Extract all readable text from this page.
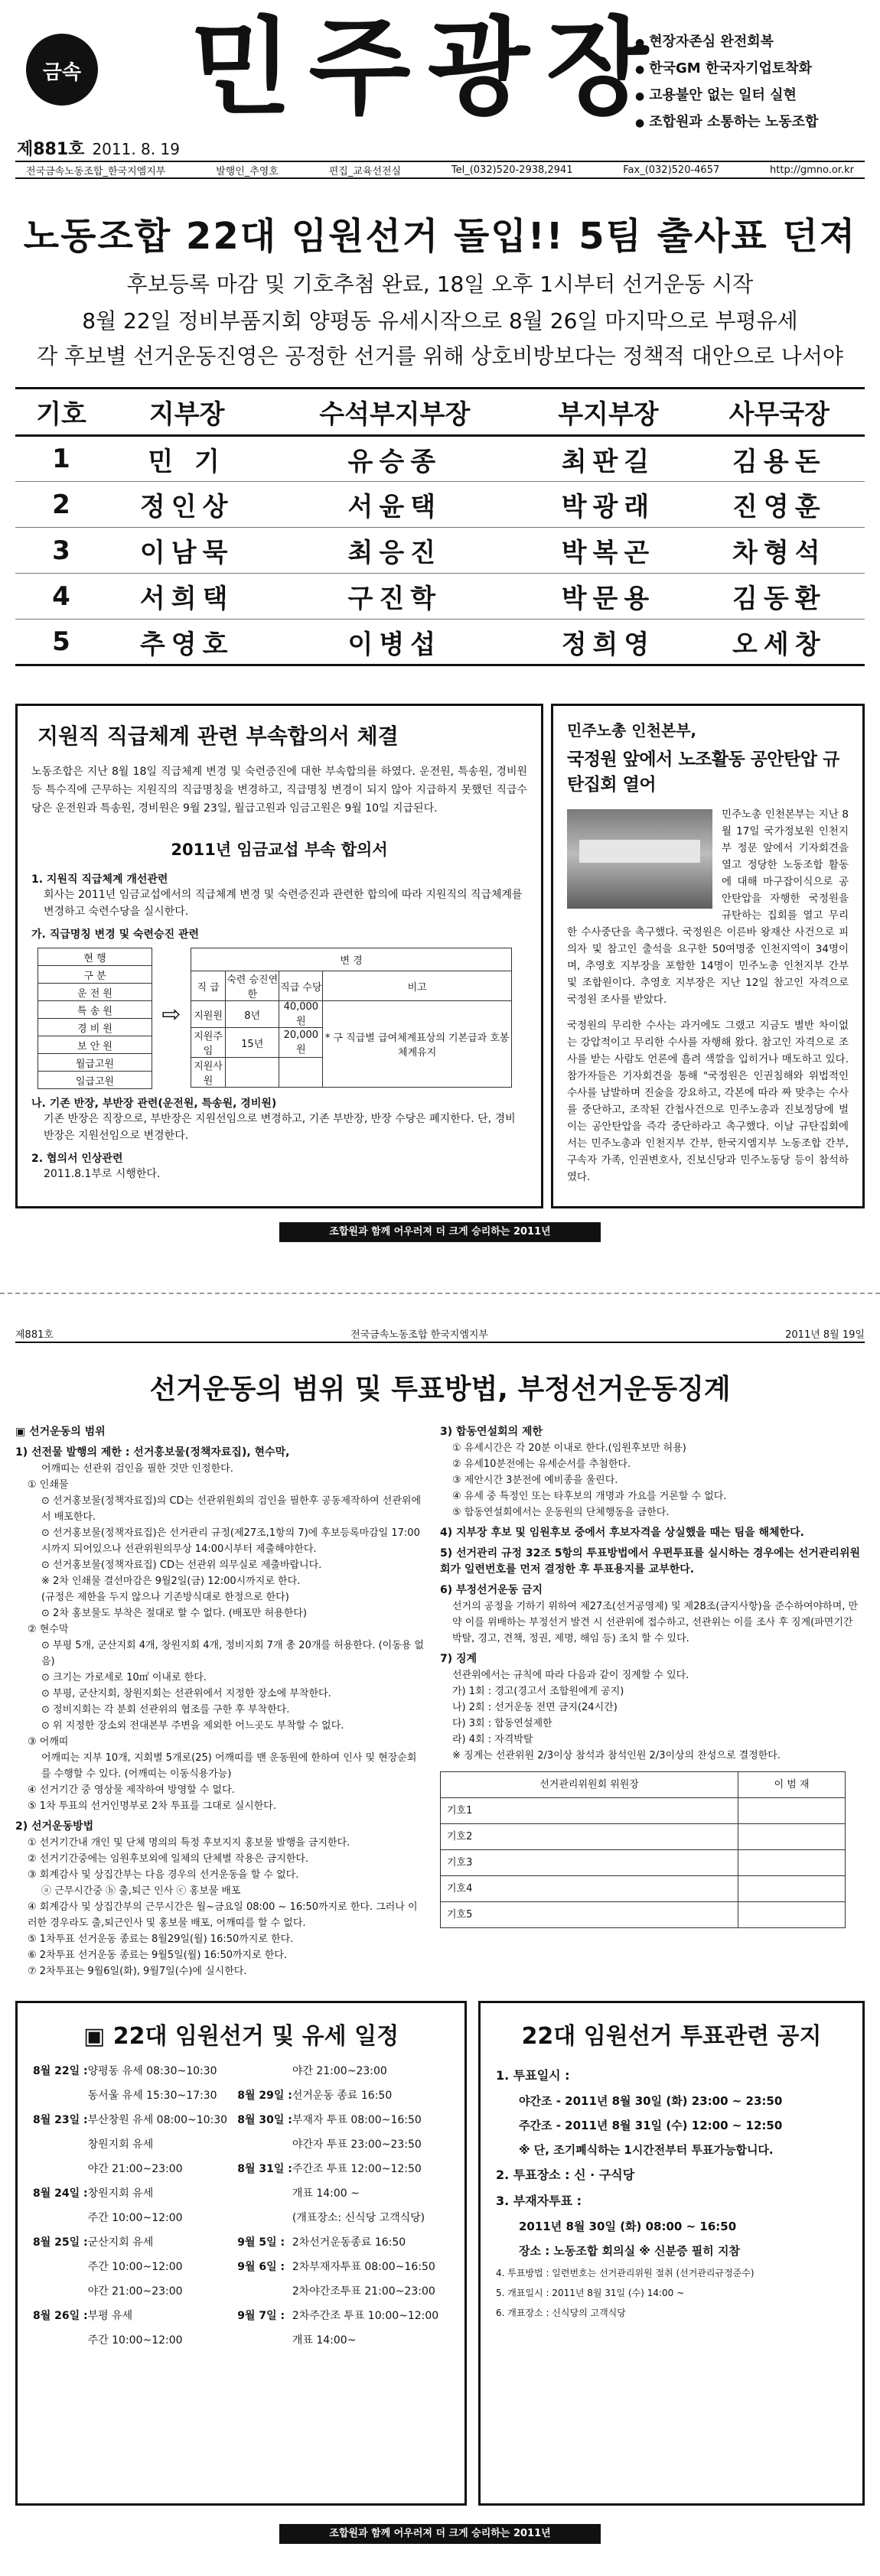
금속
제881호 2011. 8. 19
민주광장
● 현장자존심 완전회복
● 한국GM 한국자기업토착화
● 고용불안 없는 일터 실현
● 조합원과 소통하는 노동조합
전국금속노동조합_한국지엠지부	발행인_추영호	편집_교육선전실	Tel_(032)520-2938,2941	Fax_(032)520-4657	http://gmno.or.kr
노동조합 22대 임원선거 돌입!! 5팀 출사표 던져
후보등록 마감 및 기호추첨 완료, 18일 오후 1시부터 선거운동 시작
8월 22일 정비부품지회 양평동 유세시작으로 8월 26일 마지막으로 부평유세
각 후보별 선거운동진영은 공정한 선거를 위해 상호비방보다는 정책적 대안으로 나서야
기호	지부장	수석부지부장	부지부장	사무국장
1	민 기	유승종	최판길	김용돈
2	정인상	서윤택	박광래	진영훈
3	이남묵	최응진	박복곤	차형석
4	서희택	구진학	박문용	김동환
5	추영호	이병섭	정희영	오세창
지원직 직급체계 관련 부속합의서 체결

노동조합은 지난 8월 18일 직급체계 변경 및 숙련증진에 대한 부속합의를 하였다. 운전원, 특송원, 경비원 등 특수직에 근무하는 지원직의 직급명칭을 변경하고, 직급명칭 변경이 되지 않아 지급하지 못했던 직급수당은 운전원과 특송원, 경비원은 9월 23일, 월급고원과 임금고원은 9월 10일 지급된다.

2011년 임금교섭 부속 합의서
1. 지원직 직급체계 개선관련
회사는 2011년 임금교섭에서의 직급체계 변경 및 숙련증진과 관련한 합의에 따라 지원직의 직급체계를 변경하고 숙련수당을 실시한다.
가. 직급명칭 변경 및 숙련승진 관련
현 행
구 분
운 전 원
특 송 원
경 비 원
보 안 원
월급고원
일급고원
⇨
변 경			
직 급	숙련 승진연한	직급 수당	비고
지원원	8년	40,000원	* 구 직급별 급여체계표상의 기본급과 호봉체계유지
지원주임	15년	20,000원	
지원사원			
나. 기존 반장, 부반장 관련(운전원, 특송원, 경비원)
기존 반장은 직장으로, 부반장은 지원선임으로 변경하고, 기존 부반장, 반장 수당은 폐지한다. 단, 경비 반장은 지원선임으로 변경한다.
2. 협의서 인상관련
2011.8.1부로 시행한다.
민주노총 인천본부,
국정원 앞에서 노조활동 공안탄압 규탄집회 열어

민주노총 인천본부는 지난 8월 17일 국가정보원 인천지부 정문 앞에서 기자회견을 열고 정당한 노동조합 활동에 대해 마구잡이식으로 공안탄압을 자행한 국정원을 규탄하는 집회를 열고 무리한 수사중단을 촉구했다. 국정원은 이른바 왕재산 사건으로 피의자 및 참고인 출석을 요구한 50여명중 인천지역이 34명이며, 추영호 지부장을 포함한 14명이 민주노총 인천지부 간부 및 조합원이다. 추영호 지부장은 지난 12일 참고인 자격으로 국정원 조사를 받았다.

국정원의 무리한 수사는 과거에도 그랬고 지금도 별반 차이없는 강압적이고 무리한 수사를 자행해 왔다. 참고인 자격으로 조사를 받는 사람도 언론에 흘려 색깔을 입히거나 매도하고 있다. 참가자들은 기자회견을 통해 "국정원은 인권침해와 위법적인 수사를 남발하며 진술을 강요하고, 각본에 따라 짜 맞추는 수사를 중단하고, 조작된 간첩사건으로 민주노총과 진보정당에 벌이는 공안탄압을 즉각 중단하라고 촉구했다. 이날 규탄집회에서는 민주노총과 인천지부 간부, 한국지엠지부 노동조합 간부, 구속자 가족, 인권변호사, 진보신당과 민주노동당 등이 참석하였다.

조합원과 함께 어우러져 더 크게 승리하는 2011년
제881호	전국금속노동조합 한국지엠지부	2011년 8월 19일
선거운동의 범위 및 투표방법, 부정선거운동징계
▣ 선거운동의 범위
1) 선전물 발행의 제한 : 선거홍보물(정책자료집), 현수막,
어깨띠는 선관위 검인을 필한 것만 인정한다.
① 인쇄물
⊙ 선거홍보물(정책자료집)의 CD는 선관위원회의 검인을 필한후 공동제작하여 선관위에서 배포한다.
⊙ 선거홍보물(정책자료집)은 선거관리 규정(제27조,1항의 7)에 후보등록마감일 17:00시까지 되어있으나 선관위원의무상 14:00시부터 제출해야한다.
⊙ 선거홍보물(정책자료집) CD는 선관위 의무실로 제출바랍니다.
※ 2차 인쇄물 결선마감은 9월2일(금) 12:00시까지로 한다.
(규정은 제한을 두지 않으나 기존방식대로 한정으로 한다)
⊙ 2차 홍보물도 부착은 절대로 할 수 없다. (배포만 허용한다)
② 현수막
⊙ 부평 5개, 군산지회 4개, 창원지회 4개, 정비지회 7개 총 20개를 허용한다. (이동용 없음)
⊙ 크기는 가로세로 10㎡ 이내로 한다.
⊙ 부평, 군산지회, 창원지회는 선관위에서 지정한 장소에 부착한다.
⊙ 정비지회는 각 분회 선관위의 협조를 구한 후 부착한다.
⊙ 위 지정한 장소외 전대본부 주변을 제외한 어느곳도 부착할 수 없다.
③ 어깨띠
어깨띠는 지부 10개, 지회별 5개로(25) 어깨띠를 맨 운동원에 한하여 인사 및 현장순회를 수행할 수 있다. (어깨띠는 이동식용가능)
④ 선거기간 중 영상물 제작하여 방영할 수 없다.
⑤ 1차 투표의 선거인명부로 2차 투표를 그대로 실시한다.
2) 선거운동방법
① 선거기간내 개인 및 단체 명의의 특정 후보지지 홍보물 발행을 금지한다.
② 선거기간중에는 임원후보외에 일체의 단체별 작용은 금지한다.
③ 회계감사 및 상집간부는 다음 경우의 선거운동을 할 수 없다.
ⓐ 근무시간중 ⓑ 출,퇴근 인사 ⓒ 홍보물 배포
④ 회계감사 및 상집간부의 근무시간은 월~금요일 08:00 ~ 16:50까지로 한다. 그러나 이러한 경우라도 출,퇴근인사 및 홍보물 배포, 어깨띠를 할 수 없다.
⑤ 1차투표 선거운동 종료는 8월29일(월) 16:50까지로 한다.
⑥ 2차투표 선거운동 종료는 9월5일(월) 16:50까지로 한다.
⑦ 2차투표는 9월6일(화), 9월7일(수)에 실시한다.
3) 합동연설회의 제한
① 유세시간은 각 20분 이내로 한다.(임원후보만 허용)
② 유세10분전에는 유세순서를 추첨한다.
③ 제안시간 3분전에 예비종을 울린다.
④ 유세 중 특정인 또는 타후보의 개명과 가요를 거론할 수 없다.
⑤ 합동연설회에서는 운동원의 단체행동을 금한다.
4) 지부장 후보 및 임원후보 중에서 후보자격을 상실했을 때는 팀을 해체한다.
5) 선거관리 규정 32조 5항의 투표방법에서 우편투표를 실시하는 경우에는 선거관리위원회가 일련번호를 먼저 결정한 후 투표용지를 교부한다.
6) 부정선거운동 금지
선거의 공정을 기하기 위하여 제27조(선거공영제) 및 제28조(금지사항)을 준수하여야하며, 만약 이를 위배하는 부정선거 발견 시 선관위에 접수하고, 선관위는 이를 조사 후 징계(파면기간 박탈, 경고, 견책, 정권, 제명, 해임 등) 조치 할 수 있다.
7) 징계
선관위에서는 규칙에 따라 다음과 같이 징계할 수 있다.
가) 1회 : 경고(경고서 조합원에게 공지)
나) 2회 : 선거운동 전면 금지(24시간)
다) 3회 : 합동연설제한
라) 4회 : 자격박탈
※ 징계는 선관위원 2/3이상 참석과 참석인원 2/3이상의 찬성으로 결정한다.
선거관리위원회 위원장	이 범 재
기호1	
기호2	
기호3	
기호4	
기호5	
▣ 22대 임원선거 및 유세 일정
8월 22일 :	양평동 유세 08:30~10:30		야간 21:00~23:00
	동서울 유세 15:30~17:30	8월 29일 :	선거운동 종료 16:50
8월 23일 :	부산창원 유세 08:00~10:30	8월 30일 :	부재자 투표 08:00~16:50
	창원지회 유세		야간자 투표 23:00~23:50
	야간 21:00~23:00	8월 31일 :	주간조 투표 12:00~12:50
8월 24일 :	창원지회 유세		개표 14:00 ~
	주간 10:00~12:00		(개표장소: 신식당 고객식당)
8월 25일 :	군산지회 유세	9월 5일 :	2차선거운동종료 16:50
	주간 10:00~12:00	9월 6일 :	2차부재자투표 08:00~16:50
	야간 21:00~23:00		2차야간조투표 21:00~23:00
8월 26일 :	부평 유세	9월 7일 :	2차주간조 투표 10:00~12:00
	주간 10:00~12:00		개표 14:00~
22대 임원선거 투표관련 공지
1. 투표일시 :
야간조 - 2011년 8월 30일 (화) 23:00 ~ 23:50
주간조 - 2011년 8월 31일 (수) 12:00 ~ 12:50
※ 단, 조기폐식하는 1시간전부터 투표가능합니다.
2. 투표장소 : 신 · 구식당
3. 부재자투표 :
2011년 8월 30일 (화) 08:00 ~ 16:50
장소 : 노동조합 회의실 ※ 신분증 필히 지참
4. 투표방법 : 일련번호는 선거관리위원 절취 (선거관리규정준수)
5. 개표일시 : 2011년 8월 31일 (수) 14:00 ~
6. 개표장소 : 신식당의 고객식당
조합원과 함께 어우러져 더 크게 승리하는 2011년
